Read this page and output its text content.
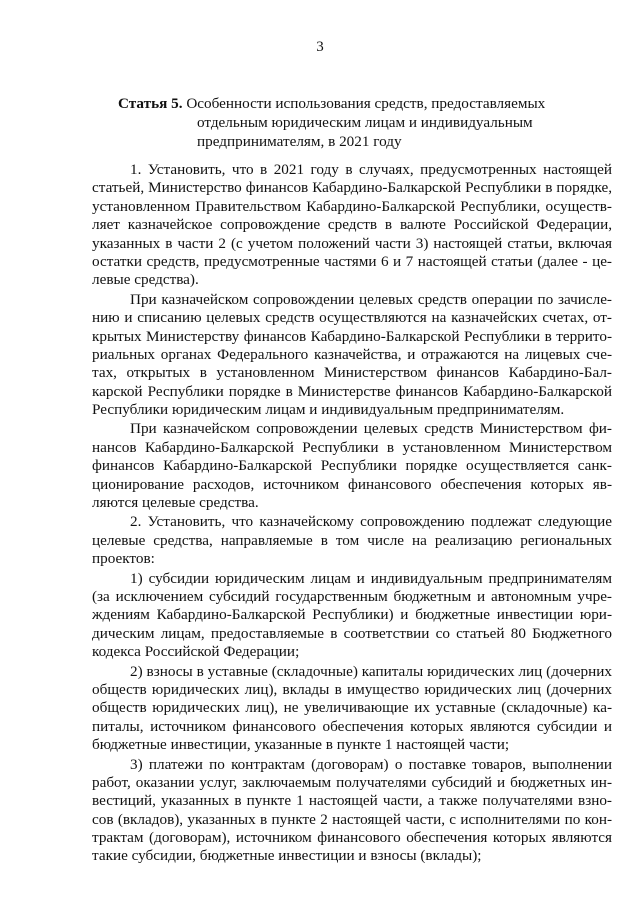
3
Статья 5. Особенности использования средств, предоставляемых
отдельным юридическим лицам и индивидуальным
предпринимателям, в 2021 году
1. Установить, что в 2021 году в случаях, предусмотренных настоящей
статьей, Министерство финансов Кабардино-Балкарской Республики в порядке,
установленном Правительством Кабардино-Балкарской Республики, осуществ-
ляет казначейское сопровождение средств в валюте Российской Федерации,
указанных в части 2 (с учетом положений части 3) настоящей статьи, включая
остатки средств, предусмотренные частями 6 и 7 настоящей статьи (далее - це-
левые средства).
При казначейском сопровождении целевых средств операции по зачисле-
нию и списанию целевых средств осуществляются на казначейских счетах, от-
крытых Министерству финансов Кабардино-Балкарской Республики в террито-
риальных органах Федерального казначейства, и отражаются на лицевых сче-
тах, открытых в установленном Министерством финансов Кабардино-Бал-
карской Республики порядке в Министерстве финансов Кабардино-Балкарской
Республики юридическим лицам и индивидуальным предпринимателям.
При казначейском сопровождении целевых средств Министерством фи-
нансов Кабардино-Балкарской Республики в установленном Министерством
финансов Кабардино-Балкарской Республики порядке осуществляется санк-
ционирование расходов, источником финансового обеспечения которых яв-
ляются целевые средства.
2. Установить, что казначейскому сопровождению подлежат следующие
целевые средства, направляемые в том числе на реализацию региональных
проектов:
1) субсидии юридическим лицам и индивидуальным предпринимателям
(за исключением субсидий государственным бюджетным и автономным учре-
ждениям Кабардино-Балкарской Республики) и бюджетные инвестиции юри-
дическим лицам, предоставляемые в соответствии со статьей 80 Бюджетного
кодекса Российской Федерации;
2) взносы в уставные (складочные) капиталы юридических лиц (дочерних
обществ юридических лиц), вклады в имущество юридических лиц (дочерних
обществ юридических лиц), не увеличивающие их уставные (складочные) ка-
питалы, источником финансового обеспечения которых являются субсидии и
бюджетные инвестиции, указанные в пункте 1 настоящей части;
3) платежи по контрактам (договорам) о поставке товаров, выполнении
работ, оказании услуг, заключаемым получателями субсидий и бюджетных ин-
вестиций, указанных в пункте 1 настоящей части, а также получателями взно-
сов (вкладов), указанных в пункте 2 настоящей части, с исполнителями по кон-
трактам (договорам), источником финансового обеспечения которых являются
такие субсидии, бюджетные инвестиции и взносы (вклады);
